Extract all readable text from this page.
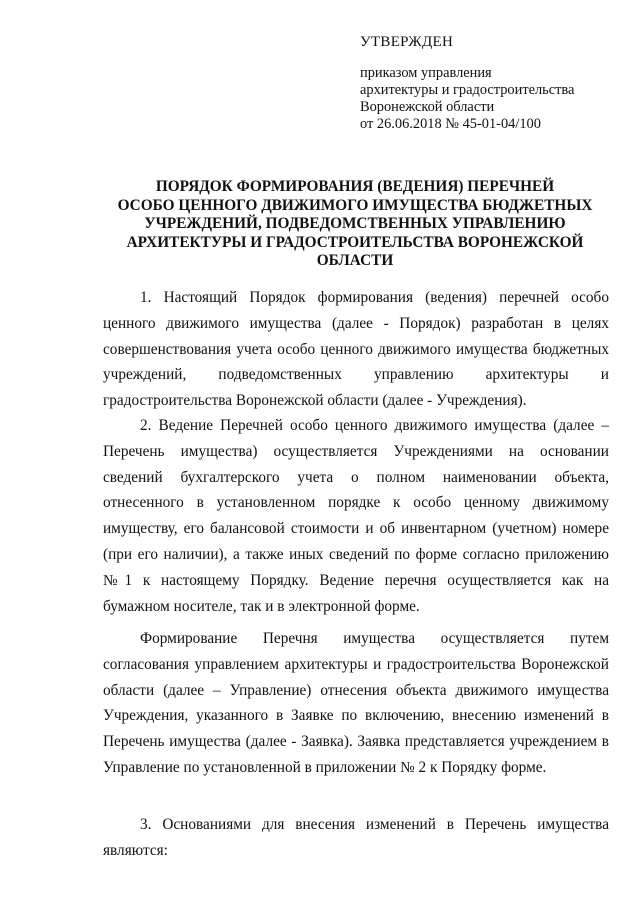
УТВЕРЖДЕН
приказом управления
архитектуры и градостроительства
Воронежской области
от 26.06.2018 № 45-01-04/100
ПОРЯДОК ФОРМИРОВАНИЯ (ВЕДЕНИЯ) ПЕРЕЧНЕЙ
ОСОБО ЦЕННОГО ДВИЖИМОГО ИМУЩЕСТВА БЮДЖЕТНЫХ
УЧРЕЖДЕНИЙ, ПОДВЕДОМСТВЕННЫХ УПРАВЛЕНИЮ
АРХИТЕКТУРЫ И ГРАДОСТРОИТЕЛЬСТВА ВОРОНЕЖСКОЙ
ОБЛАСТИ

1. Настоящий Порядок формирования (ведения) перечней особо ценного движимого имущества (далее - Порядок) разработан в целях совершенствования учета особо ценного движимого имущества бюджетных учреждений, подведомственных управлению архитектуры и градостроительства Воронежской области (далее - Учреждения).

2. Ведение Перечней особо ценного движимого имущества (далее – Перечень имущества) осуществляется Учреждениями на основании сведений бухгалтерского учета о полном наименовании объекта, отнесенного в установленном порядке к особо ценному движимому имуществу, его балансовой стоимости и об инвентарном (учетном) номере (при его наличии), а также иных сведений по форме согласно приложению №1 к настоящему Порядку. Ведение перечня осуществляется как на бумажном носителе, так и в электронной форме.

Формирование Перечня имущества осуществляется путем согласования управлением архитектуры и градостроительства Воронежской области (далее – Управление) отнесения объекта движимого имущества Учреждения, указанного в Заявке по включению, внесению изменений в Перечень имущества (далее - Заявка). Заявка представляется учреждением в Управление по установленной в приложении № 2 к Порядку форме.

3. Основаниями для внесения изменений в Перечень имущества являются:
